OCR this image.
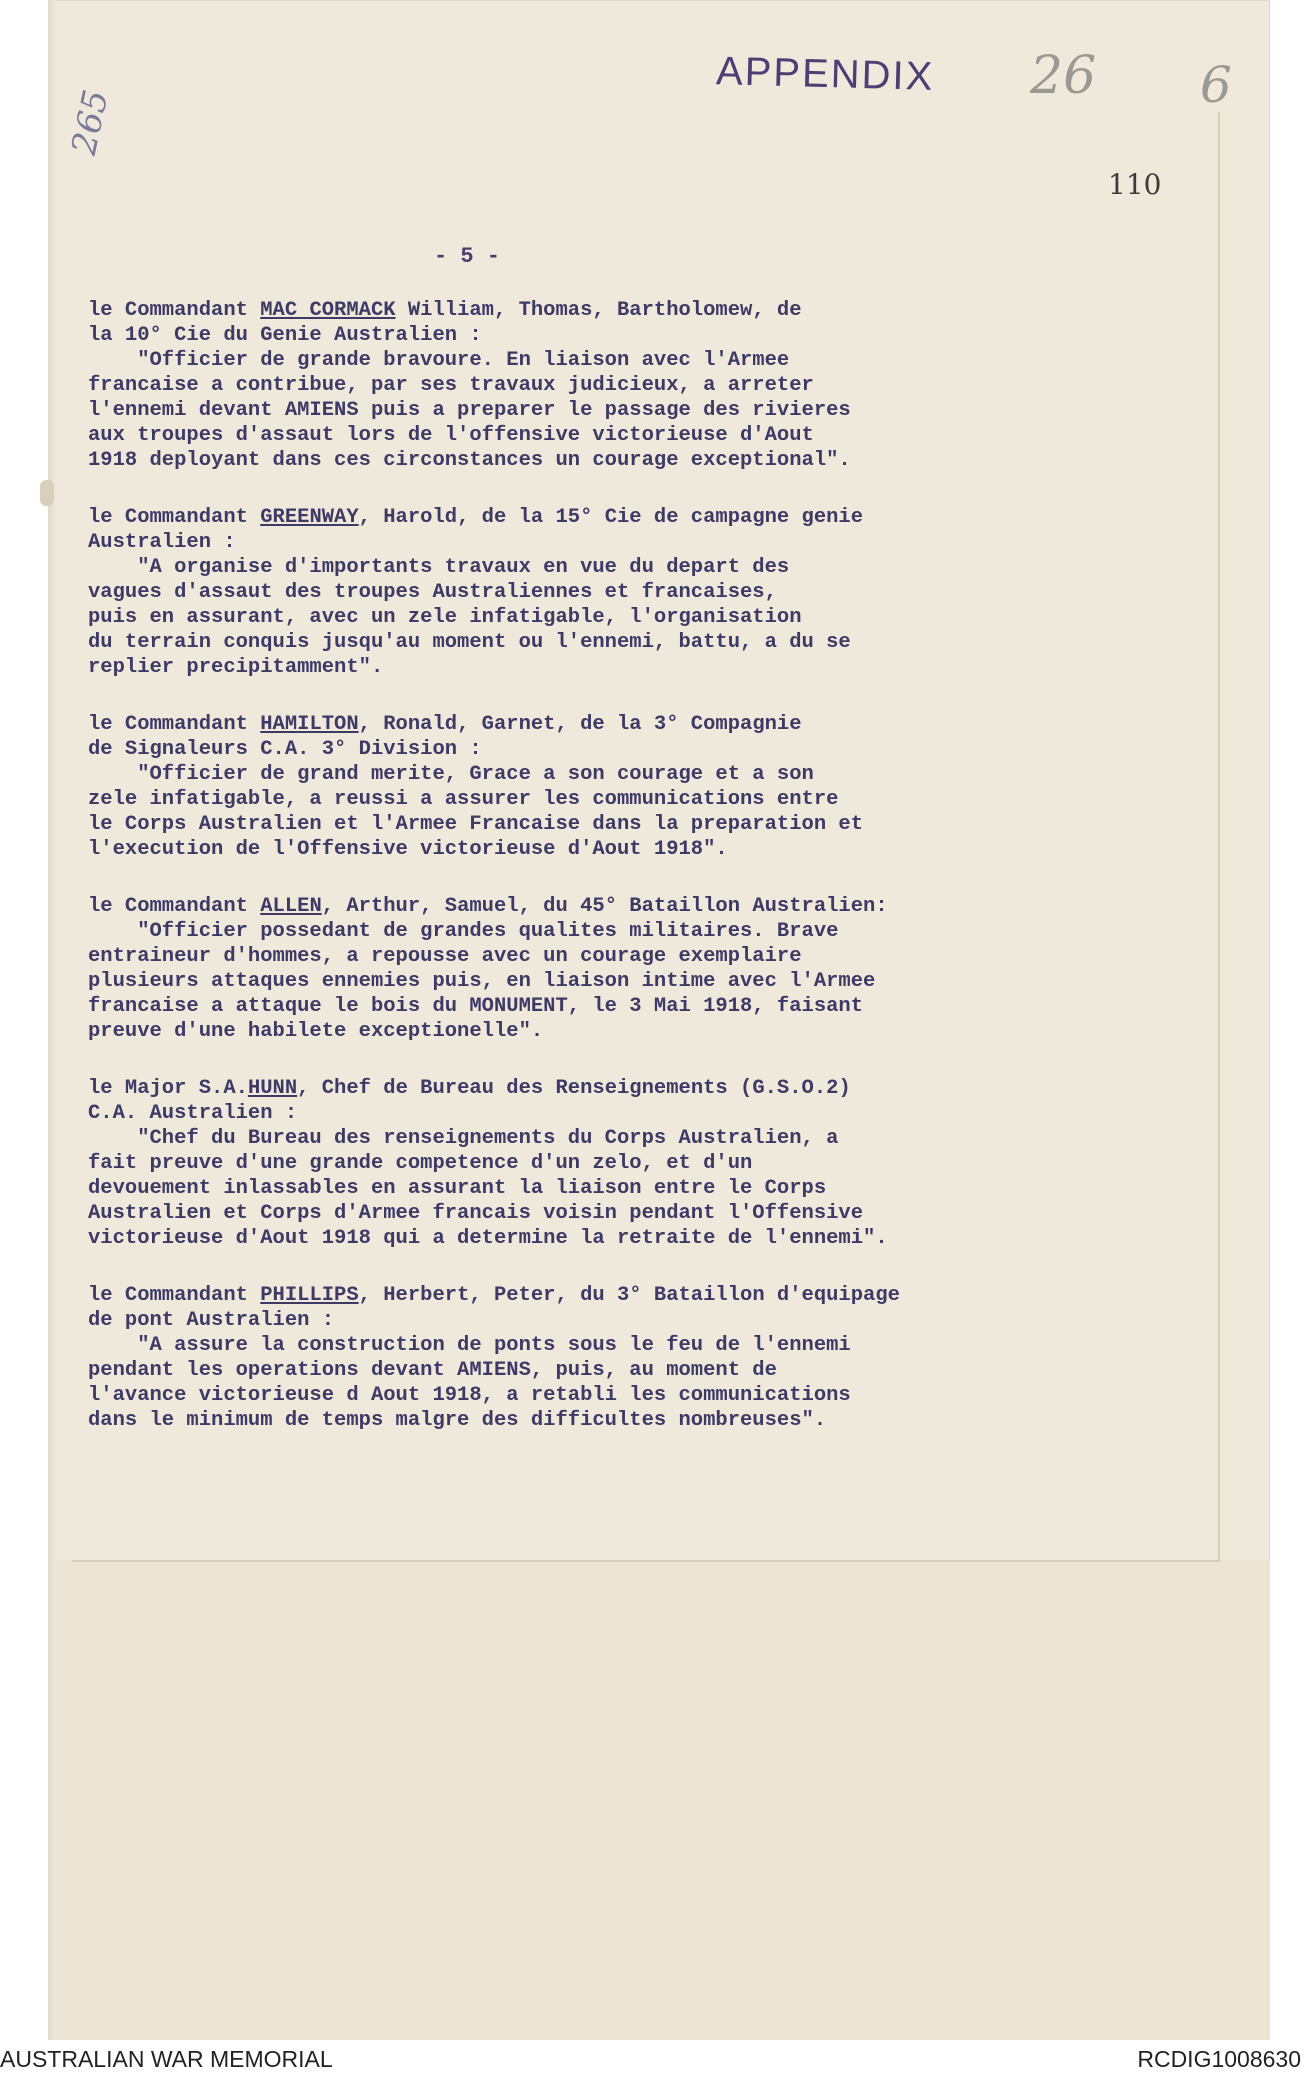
APPENDIX 26 6
265
110
- 5 -

le Commandant MAC CORMACK William, Thomas, Bartholomew, de

la 10° Cie du Genie Australien :

"Officier de grande bravoure. En liaison avec l'Armee

francaise a contribue, par ses travaux judicieux, a arreter

l'ennemi devant AMIENS puis a preparer le passage des rivieres

aux troupes d'assaut lors de l'offensive victorieuse d'Aout

1918 deployant dans ces circonstances un courage exceptional".

le Commandant GREENWAY, Harold, de la 15° Cie de campagne genie

Australien :

"A organise d'importants travaux en vue du depart des

vagues d'assaut des troupes Australiennes et francaises,

puis en assurant, avec un zele infatigable, l'organisation

du terrain conquis jusqu'au moment ou l'ennemi, battu, a du se

replier precipitamment".

le Commandant HAMILTON, Ronald, Garnet, de la 3° Compagnie

de Signaleurs C.A. 3° Division :

"Officier de grand merite, Grace a son courage et a son

zele infatigable, a reussi a assurer les communications entre

le Corps Australien et l'Armee Francaise dans la preparation et

l'execution de l'Offensive victorieuse d'Aout 1918".

le Commandant ALLEN, Arthur, Samuel, du 45° Bataillon Australien:

"Officier possedant de grandes qualites militaires. Brave

entraineur d'hommes, a repousse avec un courage exemplaire

plusieurs attaques ennemies puis, en liaison intime avec l'Armee

francaise a attaque le bois du MONUMENT, le 3 Mai 1918, faisant

preuve d'une habilete exceptionelle".

le Major S.A.HUNN, Chef de Bureau des Renseignements (G.S.O.2)

C.A. Australien :

"Chef du Bureau des renseignements du Corps Australien, a

fait preuve d'une grande competence d'un zelo, et d'un

devouement inlassables en assurant la liaison entre le Corps

Australien et Corps d'Armee francais voisin pendant l'Offensive

victorieuse d'Aout 1918 qui a determine la retraite de l'ennemi".

le Commandant PHILLIPS, Herbert, Peter, du 3° Bataillon d'equipage

de pont Australien :

"A assure la construction de ponts sous le feu de l'ennemi

pendant les operations devant AMIENS, puis, au moment de

l'avance victorieuse d Aout 1918, a retabli les communications

dans le minimum de temps malgre des difficultes nombreuses".

AUSTRALIAN WAR MEMORIAL	RCDIG1008630
